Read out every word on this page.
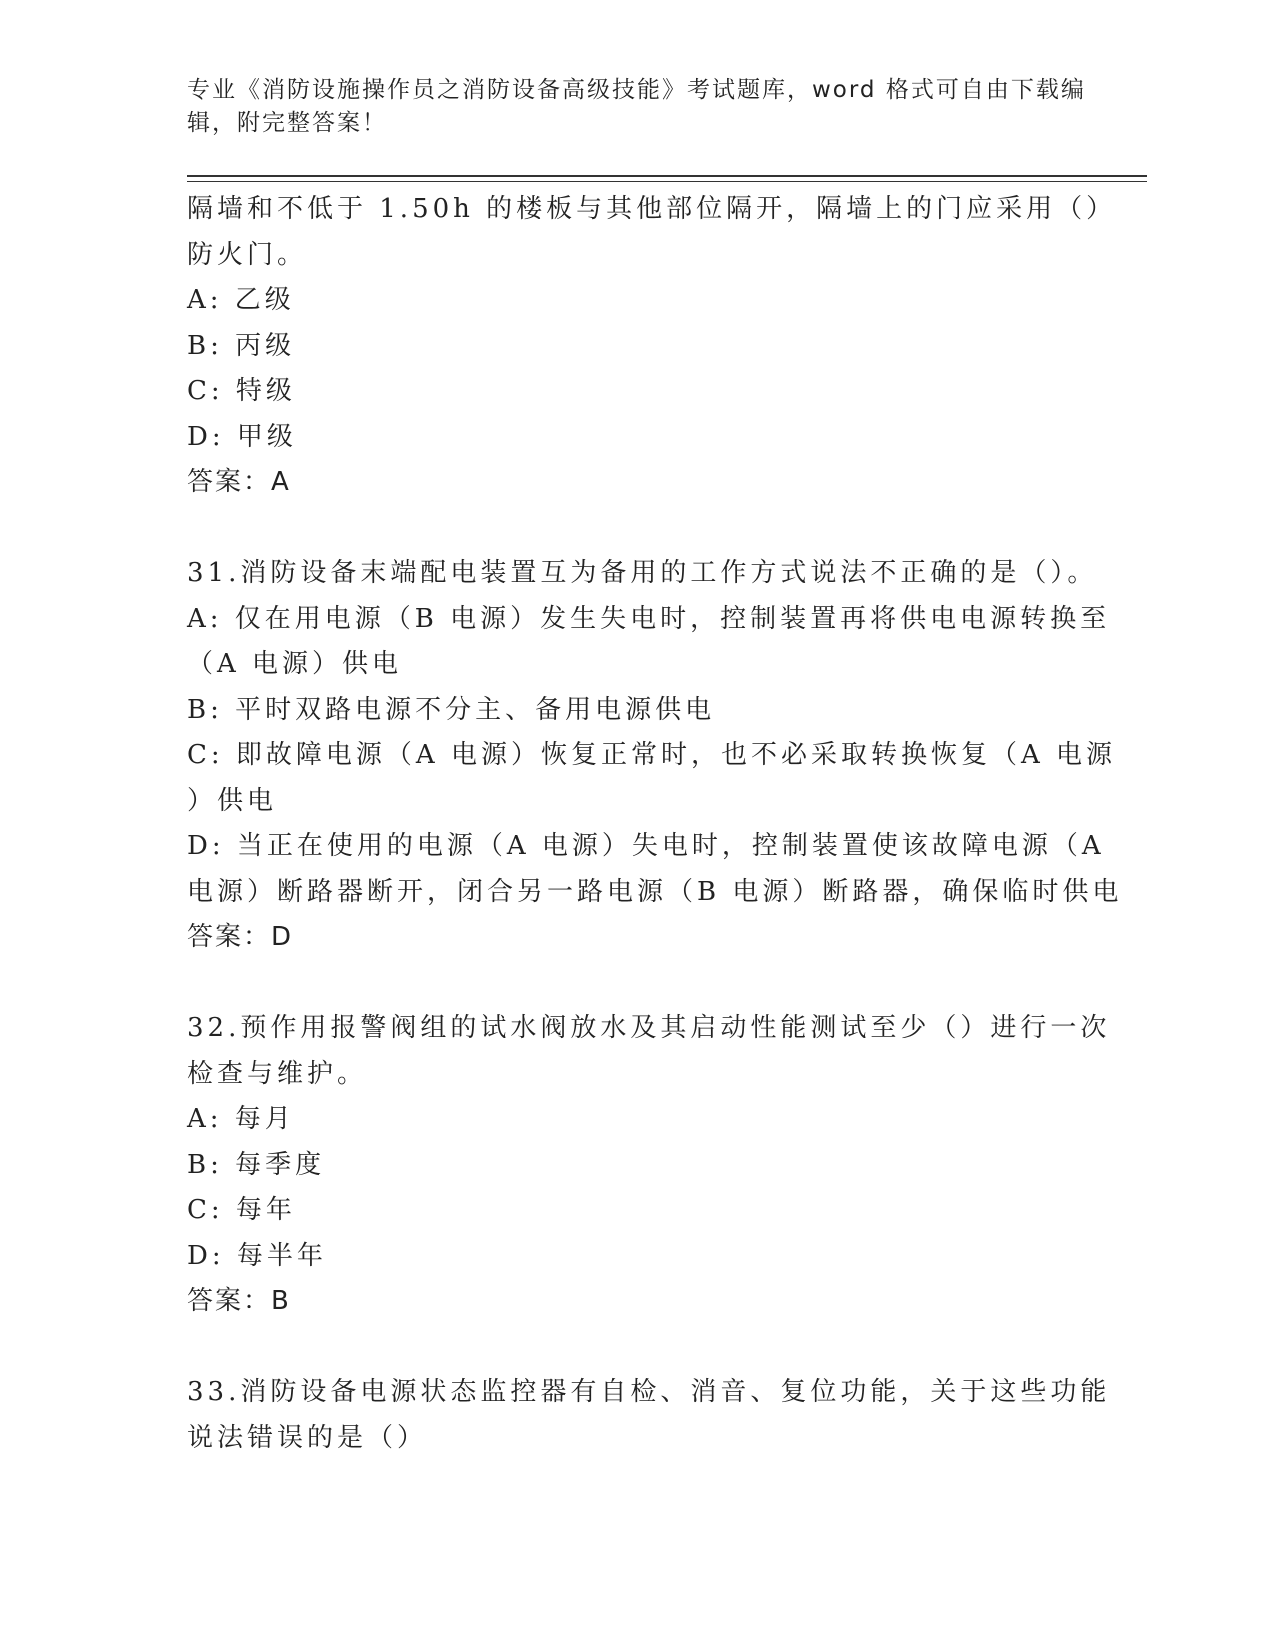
专业《消防设施操作员之消防设备高级技能》考试题库，word 格式可自由下载编
辑，附完整答案！
隔墙和不低于 1.50h 的楼板与其他部位隔开，隔墙上的门应采用（）
防火门。
A: 乙级
B: 丙级
C: 特级
D: 甲级
答案：A
31.消防设备末端配电装置互为备用的工作方式说法不正确的是（）。
A: 仅在用电源（B 电源）发生失电时，控制装置再将供电电源转换至
（A 电源）供电
B: 平时双路电源不分主、备用电源供电
C: 即故障电源（A 电源）恢复正常时，也不必采取转换恢复（A 电源
）供电
D: 当正在使用的电源（A 电源）失电时，控制装置使该故障电源（A
电源）断路器断开，闭合另一路电源（B 电源）断路器，确保临时供电
答案：D
32.预作用报警阀组的试水阀放水及其启动性能测试至少（）进行一次
检查与维护。
A: 每月
B: 每季度
C: 每年
D: 每半年
答案：B
33.消防设备电源状态监控器有自检、消音、复位功能，关于这些功能
说法错误的是（）
